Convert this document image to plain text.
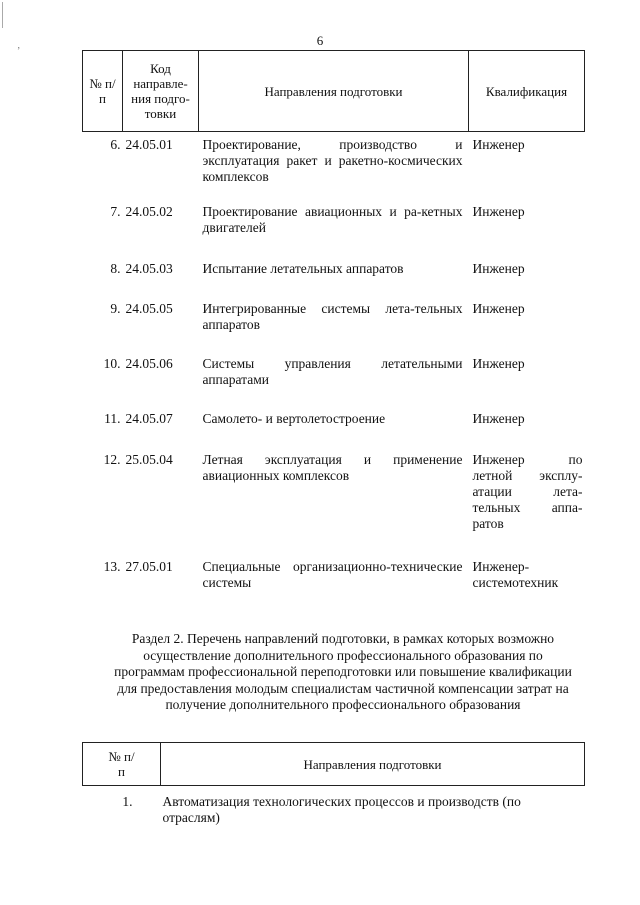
‚	6
№ п/п	Код направле-ния подго-товки	Направления подготовки	Квалификация
6.	24.05.01	Проектирование, производство и эксплуатация ракет и ракетно-космических комплексов	Инженер
7.	24.05.02	Проектирование авиационных и ра-кетных двигателей	Инженер
8.	24.05.03	Испытание летательных аппаратов	Инженер
9.	24.05.05	Интегрированные системы лета-тельных аппаратов	Инженер
10.	24.05.06	Системы управления летательными аппаратами	Инженер
11.	24.05.07	Самолето- и вертолетостроение	Инженер
12.	25.05.04	Летная эксплуатация и применение авиационных комплексов	Инженер по летной эксплу-атации лета-тельных аппа-ратов
13.	27.05.01	Специальные организационно-технические системы	Инженер-системотехник
Раздел 2. Перечень направлений подготовки, в рамках которых возможно осуществление дополнительного профессионального образования по программам профессиональной переподготовки или повышение квалификации для предоставления молодым специалистам частичной компенсации затрат на получение дополнительного профессионального образования
№ п/п	Направления подготовки
1.	Автоматизация технологических процессов и производств (по отраслям)
